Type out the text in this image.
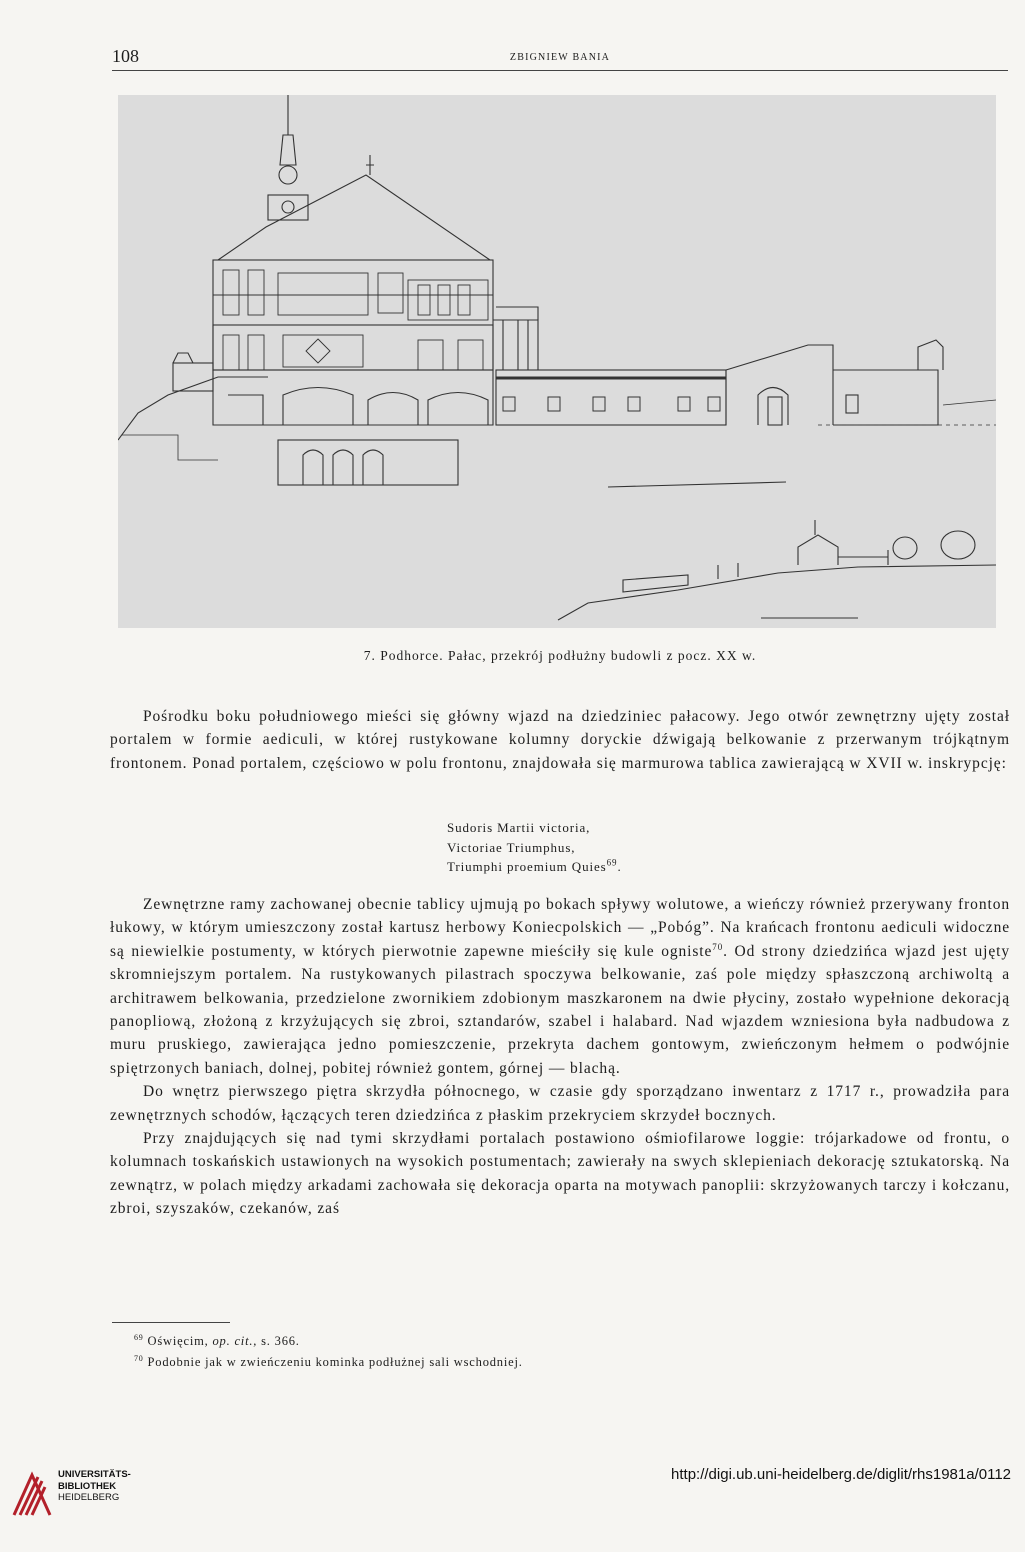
108	ZBIGNIEW BANIA
7. Podhorce. Pałac, przekrój podłużny budowli z pocz. XX w.

Pośrodku boku południowego mieści się główny wjazd na dziedziniec pałacowy. Jego otwór zewnętrzny ujęty został portalem w formie aediculi, w której rustykowane kolumny doryckie dźwigają belkowanie z przerwanym trójkątnym frontonem. Ponad portalem, częściowo w polu frontonu, znajdowała się marmurowa tablica zawierającą w XVII w. inskrypcję:

Sudoris Martii victoria,
Victoriae Triumphus,
Triumphi proemium Quies$^{69}$.

Zewnętrzne ramy zachowanej obecnie tablicy ujmują po bokach spływy wolutowe, a wieńczy również przerywany fronton łukowy, w którym umieszczony został kartusz herbowy Koniecpolskich — „Pobóg”. Na krańcach frontonu aediculi widoczne są niewielkie postumenty, w których pierwotnie zapewne mieściły się kule ogniste$^{70}$. Od strony dziedzińca wjazd jest ujęty skromniejszym portalem. Na rustykowanych pilastrach spoczywa belkowanie, zaś pole między spłaszczoną archiwoltą a architrawem belkowania, przedzielone zwornikiem zdobionym maszkaronem na dwie płyciny, zostało wypełnione dekoracją panopliową, złożoną z krzyżujących się zbroi, sztandarów, szabel i halabard. Nad wjazdem wzniesiona była nadbudowa z muru pruskiego, zawierająca jedno pomieszczenie, przekryta dachem gontowym, zwieńczonym hełmem o podwójnie spiętrzonych baniach, dolnej, pobitej również gontem, górnej — blachą.

Do wnętrz pierwszego piętra skrzydła północnego, w czasie gdy sporządzano inwentarz z 1717 r., prowadziła para zewnętrznych schodów, łączących teren dziedzińca z płaskim przekryciem skrzydeł bocznych.

Przy znajdujących się nad tymi skrzydłami portalach postawiono ośmiofilarowe loggie: trójarkadowe od frontu, o kolumnach toskańskich ustawionych na wysokich postumentach; zawierały na swych sklepieniach dekorację sztukatorską. Na zewnątrz, w polach między arkadami zachowała się dekoracja oparta na motywach panoplii: skrzyżowanych tarczy i kołczanu, zbroi, szyszaków, czekanów, zaś

$^{69}$ Oświęcim, op. cit., s. 366.
$^{70}$ Podobnie jak w zwieńczeniu kominka podłużnej sali wschodniej.
UNIVERSITÄTS-
BIBLIOTHEK
HEIDELBERG
http://digi.ub.uni-heidelberg.de/diglit/rhs1981a/0112
